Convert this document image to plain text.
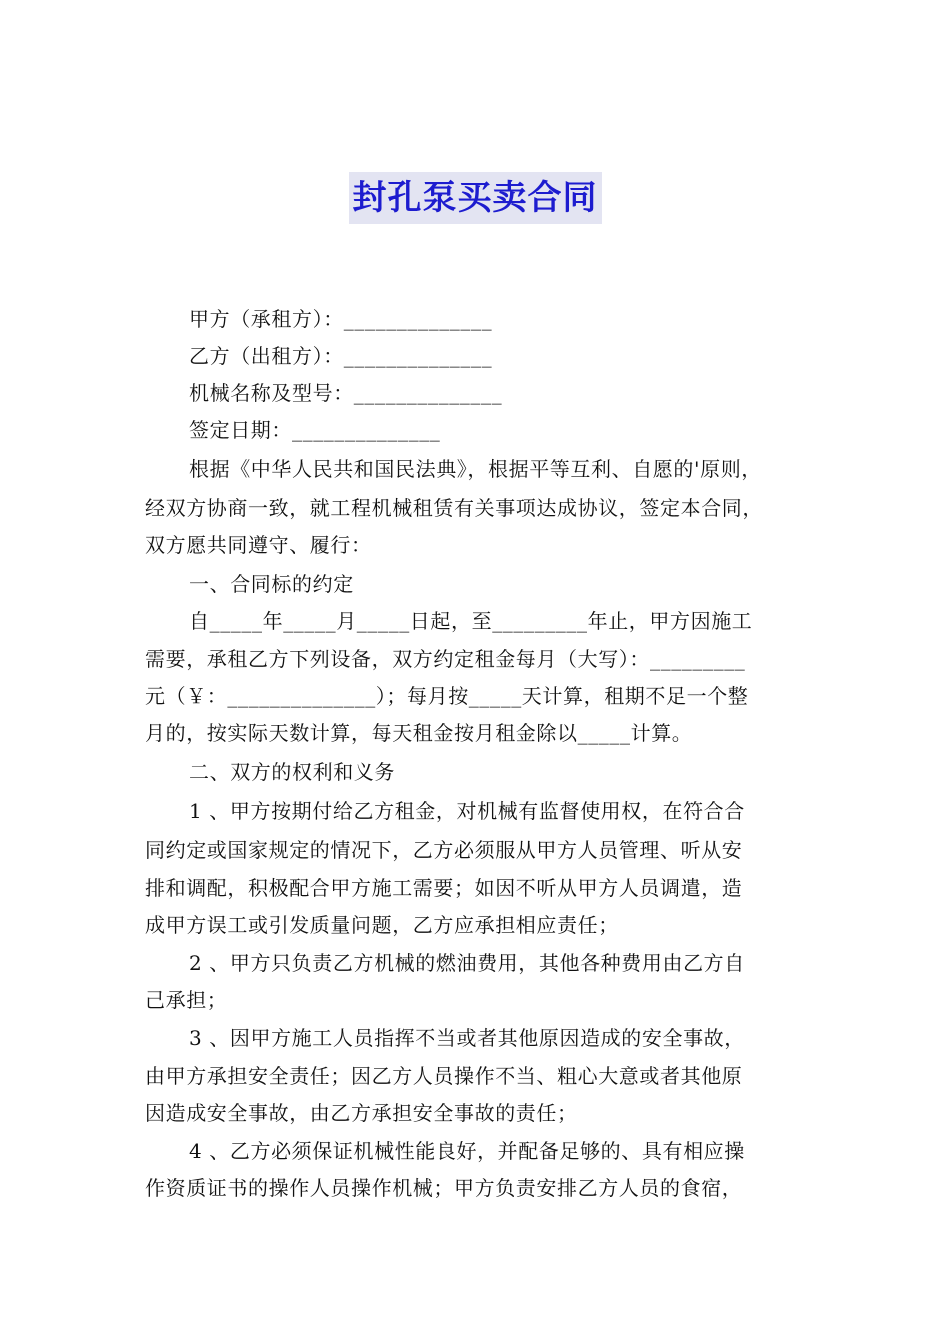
封孔泵买卖合同
甲方（承租方）：______________
乙方（出租方）：______________
机械名称及型号：______________
签定日期：______________
根据《中华人民共和国民法典》，根据平等互利、自愿的'原则，
经双方协商一致，就工程机械租赁有关事项达成协议，签定本合同，
双方愿共同遵守、履行：
一、合同标的约定
自_____年_____月_____日起，至_________年止，甲方因施工
需要，承租乙方下列设备，双方约定租金每月（大写）：_________
元（￥：______________）；每月按_____天计算，租期不足一个整
月的，按实际天数计算，每天租金按月租金除以_____计算。
二、双方的权利和义务
1 、甲方按期付给乙方租金，对机械有监督使用权，在符合合
同约定或国家规定的情况下，乙方必须服从甲方人员管理、听从安
排和调配，积极配合甲方施工需要；如因不听从甲方人员调遣，造
成甲方误工或引发质量问题，乙方应承担相应责任；
2 、甲方只负责乙方机械的燃油费用，其他各种费用由乙方自
己承担；
3 、因甲方施工人员指挥不当或者其他原因造成的安全事故，
由甲方承担安全责任；因乙方人员操作不当、粗心大意或者其他原
因造成安全事故，由乙方承担安全事故的责任；
4 、乙方必须保证机械性能良好，并配备足够的、具有相应操
作资质证书的操作人员操作机械；甲方负责安排乙方人员的食宿，
